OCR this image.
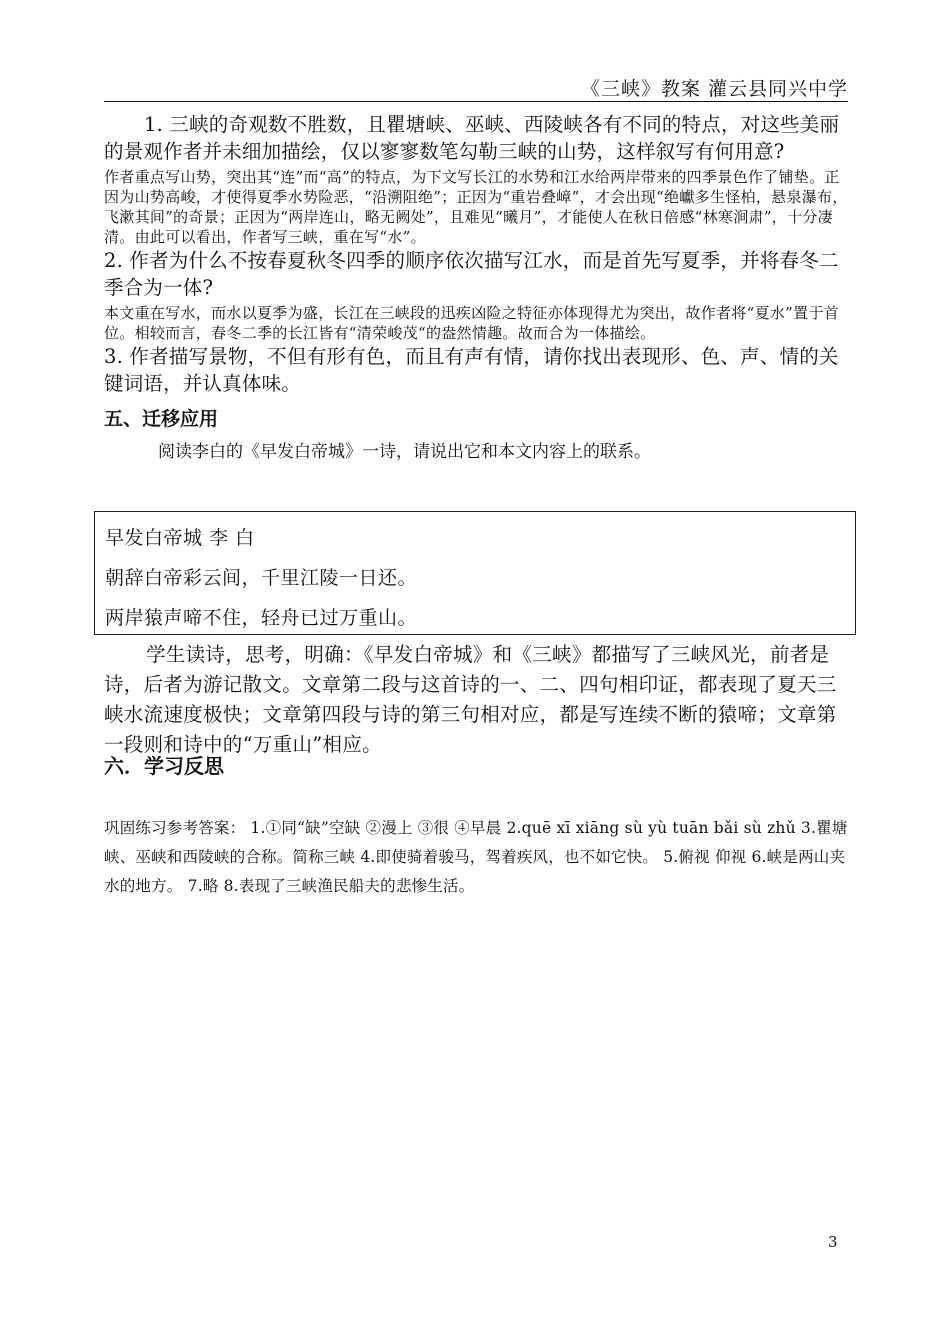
《三峡》教案 灌云县同兴中学

1. 三峡的奇观数不胜数，且瞿塘峡、巫峡、西陵峡各有不同的特点，对这些美丽的景观作者并未细加描绘，仅以寥寥数笔勾勒三峡的山势，这样叙写有何用意?

作者重点写山势，突出其“连”而“高”的特点，为下文写长江的水势和江水给两岸带来的四季景色作了铺垫。正因为山势高峻，才使得夏季水势险恶，“沿溯阻绝”；正因为“重岩叠嶂”，才会出现“绝巘多生怪柏，悬泉瀑布，飞漱其间”的奇景；正因为“两岸连山，略无阙处”，且难见“曦月”，才能使人在秋日倍感“林寒涧肃”，十分凄清。由此可以看出，作者写三峡，重在写“水”。

2. 作者为什么不按春夏秋冬四季的顺序依次描写江水，而是首先写夏季，并将春冬二季合为一体?

本文重在写水，而水以夏季为盛，长江在三峡段的迅疾凶险之特征亦体现得尤为突出，故作者将“夏水”置于首位。相较而言，春冬二季的长江皆有“清荣峻茂“的盎然情趣。故而合为一体描绘。

3. 作者描写景物，不但有形有色，而且有声有情，请你找出表现形、色、声、情的关键词语，并认真体味。

五、迁移应用

阅读李白的《早发白帝城》一诗，请说出它和本文内容上的联系。

早发白帝城 李 白

朝辞白帝彩云间，千里江陵一日还。

两岸猿声啼不住，轻舟已过万重山。

学生读诗，思考，明确：《早发白帝城》和《三峡》都描写了三峡风光，前者是诗，后者为游记散文。文章第二段与这首诗的一、二、四句相印证，都表现了夏天三峡水流速度极快；文章第四段与诗的第三句相对应，都是写连续不断的猿啼；文章第一段则和诗中的“万重山”相应。

六．学习反思

巩固练习参考答案： 1.①同“缺”空缺 ②漫上 ③很 ④早晨 2.quē xī xiāng sù yù tuān bǎi sù zhǔ 3.瞿塘峡、巫峡和西陵峡的合称。简称三峡 4.即使骑着骏马，驾着疾风，也不如它快。 5.俯视 仰视 6.峡是两山夹水的地方。 7.略 8.表现了三峡渔民船夫的悲惨生活。

3
